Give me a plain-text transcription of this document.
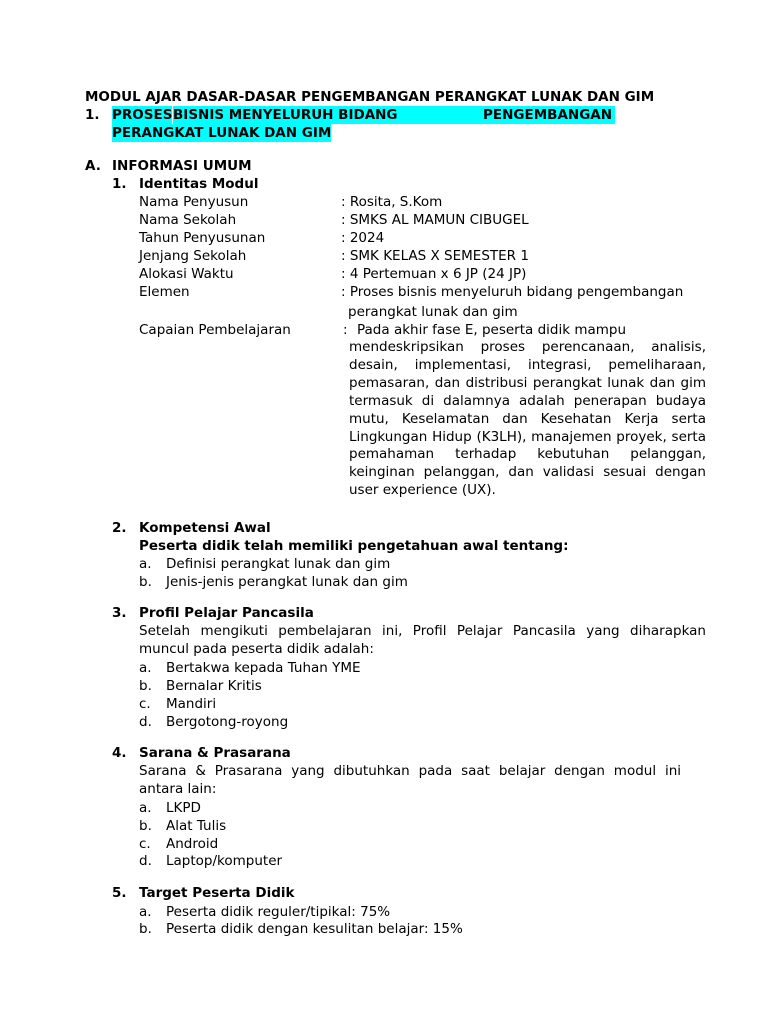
MODUL AJAR DASAR-DASAR PENGEMBANGAN PERANGKAT LUNAK DAN GIM
1. PROSES BISNIS MENYELURUH BIDANG	PENGEMBANGAN
PERANGKAT LUNAK DAN GIM
A. INFORMASI UMUM
1. Identitas Modul
Nama Penyusun	: Rosita, S.Kom
Nama Sekolah	: SMKS AL MAMUN CIBUGEL
Tahun Penyusunan	: 2024
Jenjang Sekolah	: SMK KELAS X SEMESTER 1
Alokasi Waktu	: 4 Pertemuan x 6 JP (24 JP)
Elemen	: Proses bisnis menyeluruh bidang pengembangan
perangkat lunak dan gim
Capaian Pembelajaran	: Pada akhir fase E, peserta didik mampu
mendeskripsikan proses perencanaan, analisis, desain, implementasi, integrasi, pemeliharaan, pemasaran, dan distribusi perangkat lunak dan gim termasuk di dalamnya adalah penerapan budaya mutu, Keselamatan dan Kesehatan Kerja serta Lingkungan Hidup (K3LH), manajemen proyek, serta pemahaman terhadap kebutuhan pelanggan, keinginan pelanggan, dan validasi sesuai dengan user experience (UX).
2. Kompetensi Awal
Peserta didik telah memiliki pengetahuan awal tentang:
a. Definisi perangkat lunak dan gim
b. Jenis-jenis perangkat lunak dan gim
3. Profil Pelajar Pancasila
Setelah mengikuti pembelajaran ini, Profil Pelajar Pancasila yang diharapkan muncul pada peserta didik adalah:
a. Bertakwa kepada Tuhan YME
b. Bernalar Kritis
c. Mandiri
d. Bergotong-royong
4. Sarana & Prasarana
Sarana & Prasarana yang dibutuhkan pada saat belajar dengan modul ini antara lain:
a. LKPD
b. Alat Tulis
c. Android
d. Laptop/komputer
5. Target Peserta Didik
a. Peserta didik reguler/tipikal: 75%
b. Peserta didik dengan kesulitan belajar: 15%
